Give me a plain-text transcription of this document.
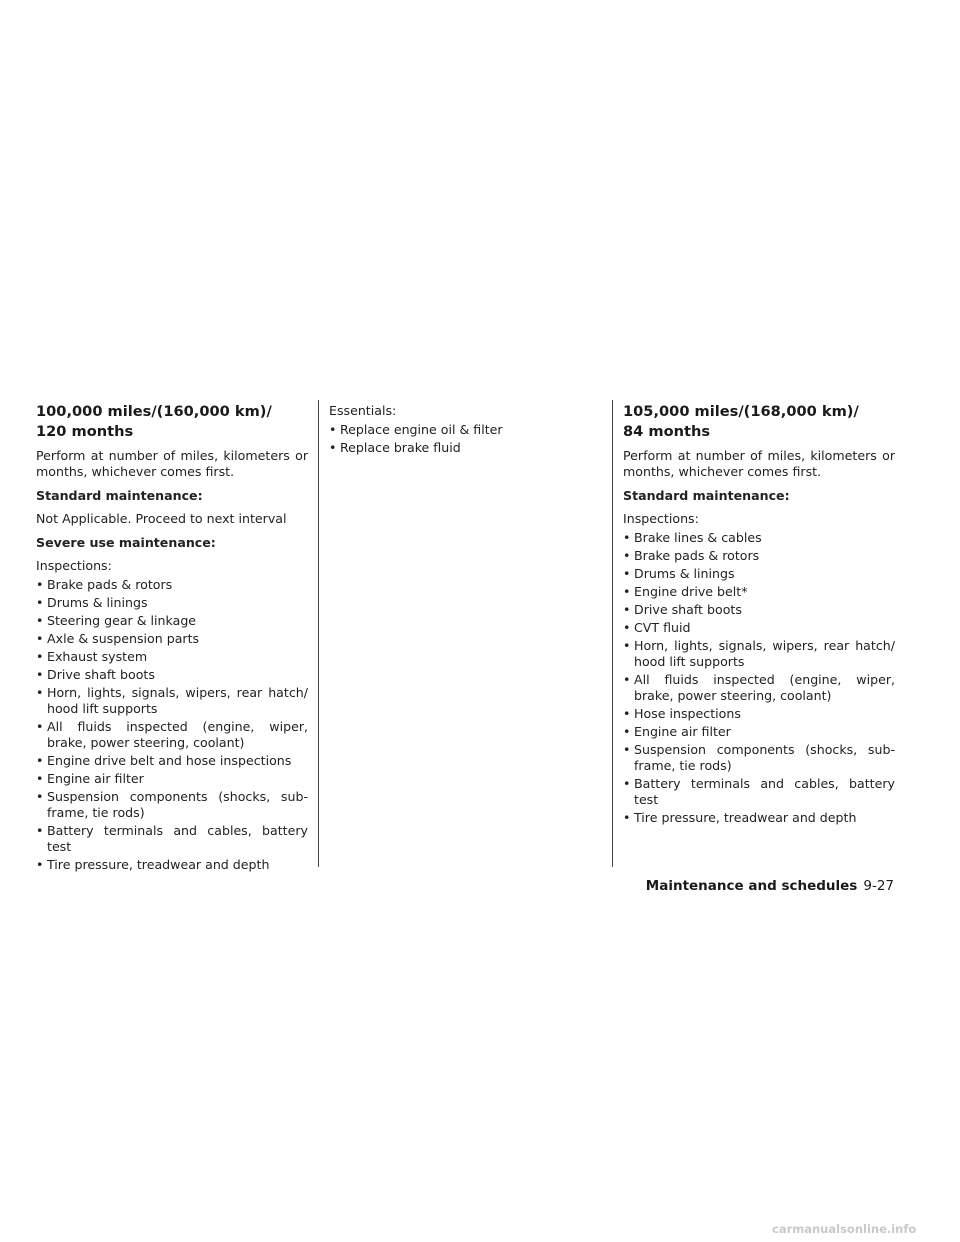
100,000 miles/(160,000 km)/
120 months

Perform at number of miles, kilometers or months, whichever comes first.

Standard maintenance:

Not Applicable. Proceed to next interval

Severe use maintenance:

Inspections:

• Brake pads & rotors
• Drums & linings
• Steering gear & linkage
• Axle & suspension parts
• Exhaust system
• Drive shaft boots
• Horn, lights, signals, wipers, rear hatch/ hood lift supports
• All fluids inspected (engine, wiper, brake, power steering, coolant)
• Engine drive belt and hose inspections
• Engine air filter
• Suspension components (shocks, sub-frame, tie rods)
• Battery terminals and cables, battery test
• Tire pressure, treadwear and depth

Essentials:

• Replace engine oil & filter
• Replace brake fluid
105,000 miles/(168,000 km)/
84 months

Perform at number of miles, kilometers or months, whichever comes first.

Standard maintenance:

Inspections:

• Brake lines & cables
• Brake pads & rotors
• Drums & linings
• Engine drive belt*
• Drive shaft boots
• CVT fluid
• Horn, lights, signals, wipers, rear hatch/ hood lift supports
• All fluids inspected (engine, wiper, brake, power steering, coolant)
• Hose inspections
• Engine air filter
• Suspension components (shocks, sub-frame, tie rods)
• Battery terminals and cables, battery test
• Tire pressure, treadwear and depth
Maintenance and schedules 9-27
carmanualsonline.info
